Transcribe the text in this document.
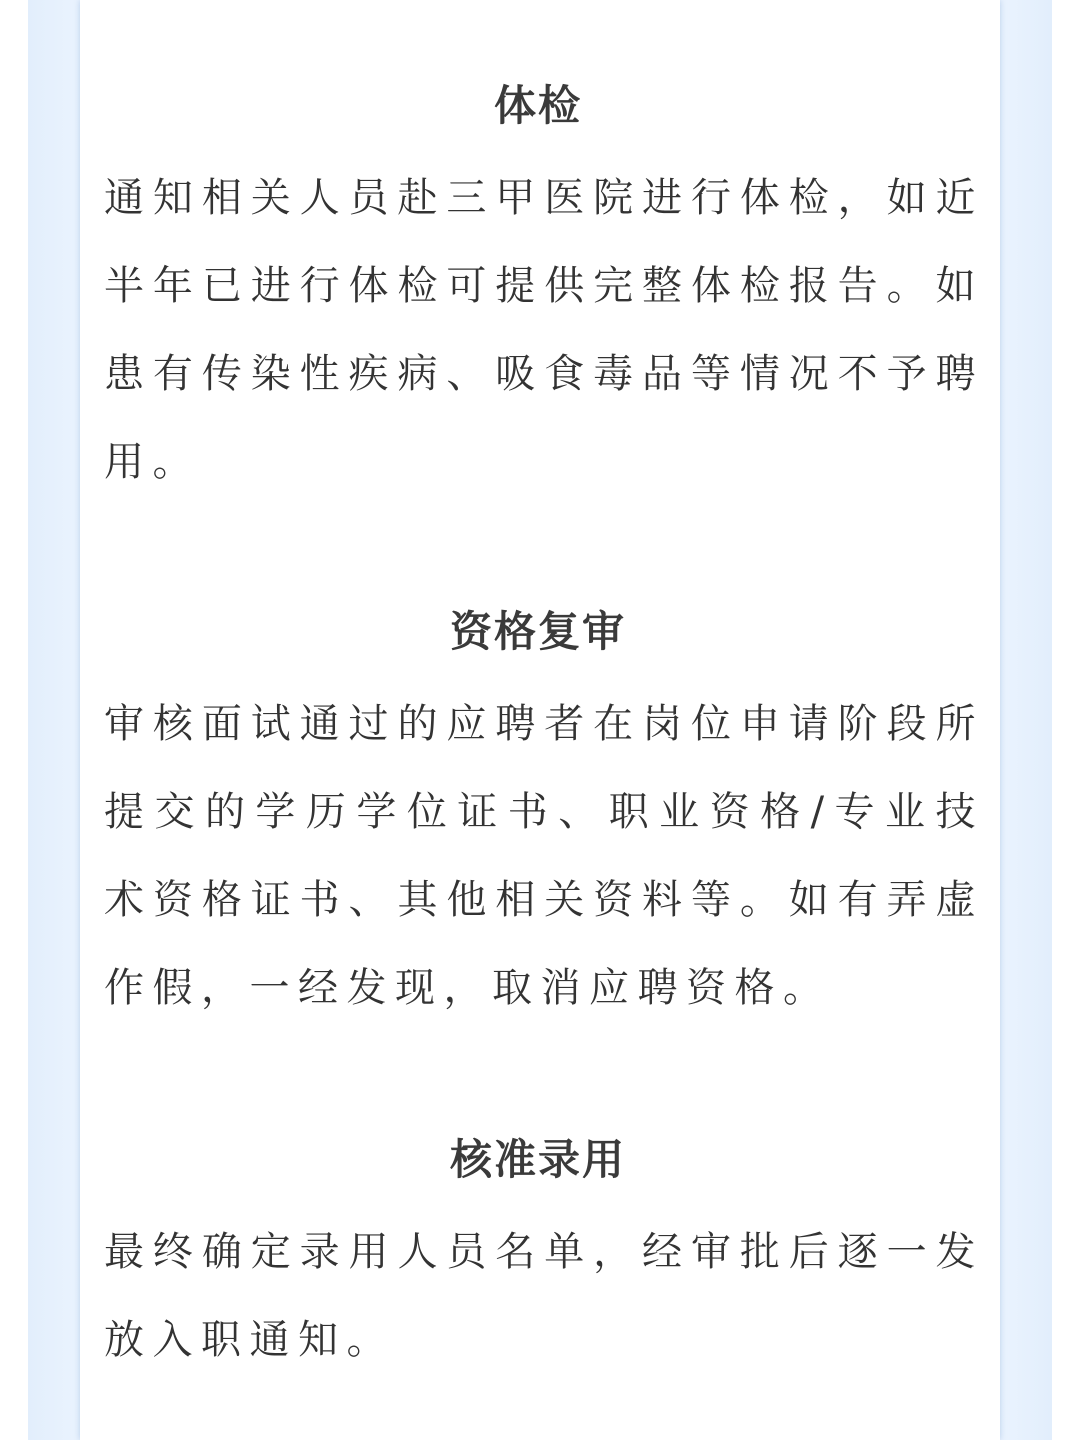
体检
通知相关人员赴三甲医院进行体检，如近半年已进行体检可提供完整体检报告。如患有传染性疾病、吸食毒品等情况不予聘用。
资格复审
审核面试通过的应聘者在岗位申请阶段所提交的学历学位证书、职业资格/专业技术资格证书、其他相关资料等。如有弄虚作假，一经发现，取消应聘资格。
核准录用
最终确定录用人员名单，经审批后逐一发放入职通知。
